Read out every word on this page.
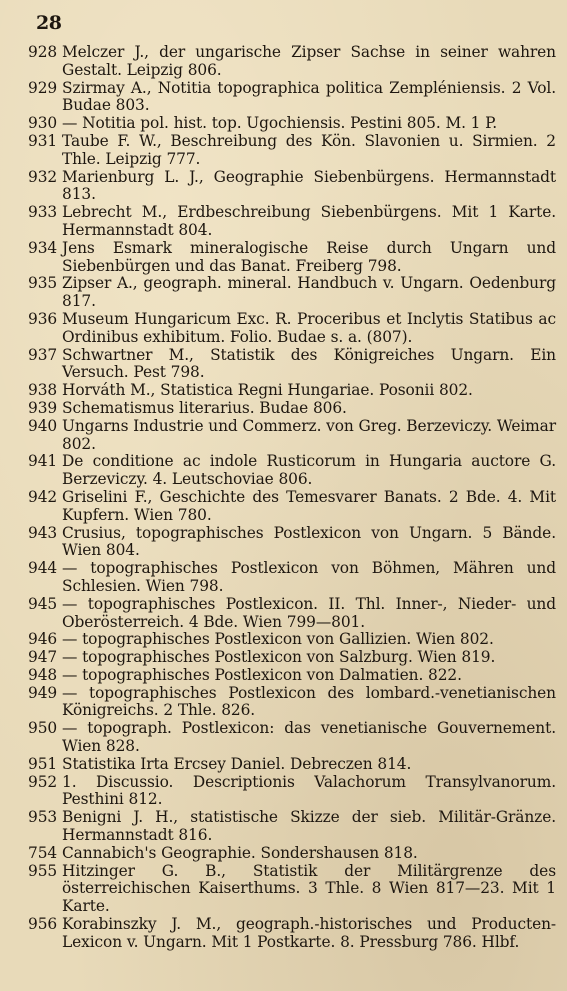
28
928 Melczer J., der ungarische Zipser Sachse in seiner wahren Gestalt. Leipzig 806.
929 Szirmay A., Notitia topographica politica Zempléniensis. 2 Vol. Budae 803.
930 — Notitia pol. hist. top. Ugochiensis. Pestini 805. M. 1 P.
931 Taube F. W., Beschreibung des Kön. Slavonien u. Sirmien. 2 Thle. Leipzig 777.
932 Marienburg L. J., Geographie Siebenbürgens. Hermannstadt 813.
933 Lebrecht M., Erdbeschreibung Siebenbürgens. Mit 1 Karte. Hermannstadt 804.
934 Jens Esmark mineralogische Reise durch Ungarn und Siebenbürgen und das Banat. Freiberg 798.
935 Zipser A., geograph. mineral. Handbuch v. Ungarn. Oedenburg 817.
936 Museum Hungaricum Exc. R. Proceribus et Inclytis Statibus ac Ordinibus exhibitum. Folio. Budae s. a. (807).
937 Schwartner M., Statistik des Königreiches Ungarn. Ein Versuch. Pest 798.
938 Horváth M., Statistica Regni Hungariae. Posonii 802.
939 Schematismus literarius. Budae 806.
940 Ungarns Industrie und Commerz. von Greg. Berzeviczy. Weimar 802.
941 De conditione ac indole Rusticorum in Hungaria auctore G. Berzeviczy. 4. Leutschoviae 806.
942 Griselini F., Geschichte des Temesvarer Banats. 2 Bde. 4. Mit Kupfern. Wien 780.
943 Crusius, topographisches Postlexicon von Ungarn. 5 Bände. Wien 804.
944 — topographisches Postlexicon von Böhmen, Mähren und Schlesien. Wien 798.
945 — topographisches Postlexicon. II. Thl. Inner-, Nieder- und Oberösterreich. 4 Bde. Wien 799—801.
946 — topographisches Postlexicon von Gallizien. Wien 802.
947 — topographisches Postlexicon von Salzburg. Wien 819.
948 — topographisches Postlexicon von Dalmatien. 822.
949 — topographisches Postlexicon des lombard.-venetianischen Königreichs. 2 Thle. 826.
950 — topograph. Postlexicon: das venetianische Gouvernement. Wien 828.
951 Statistika Irta Ercsey Daniel. Debreczen 814.
952 1. Discussio. Descriptionis Valachorum Transylvanorum. Pesthini 812.
953 Benigni J. H., statistische Skizze der sieb. Militär-Gränze. Hermannstadt 816.
754 Cannabich's Geographie. Sondershausen 818.
955 Hitzinger G. B., Statistik der Militärgrenze des österreichischen Kaiserthums. 3 Thle. 8 Wien 817—23. Mit 1 Karte.
956 Korabinszky J. M., geograph.-historisches und Producten-Lexicon v. Ungarn. Mit 1 Postkarte. 8. Pressburg 786. Hlbf.
